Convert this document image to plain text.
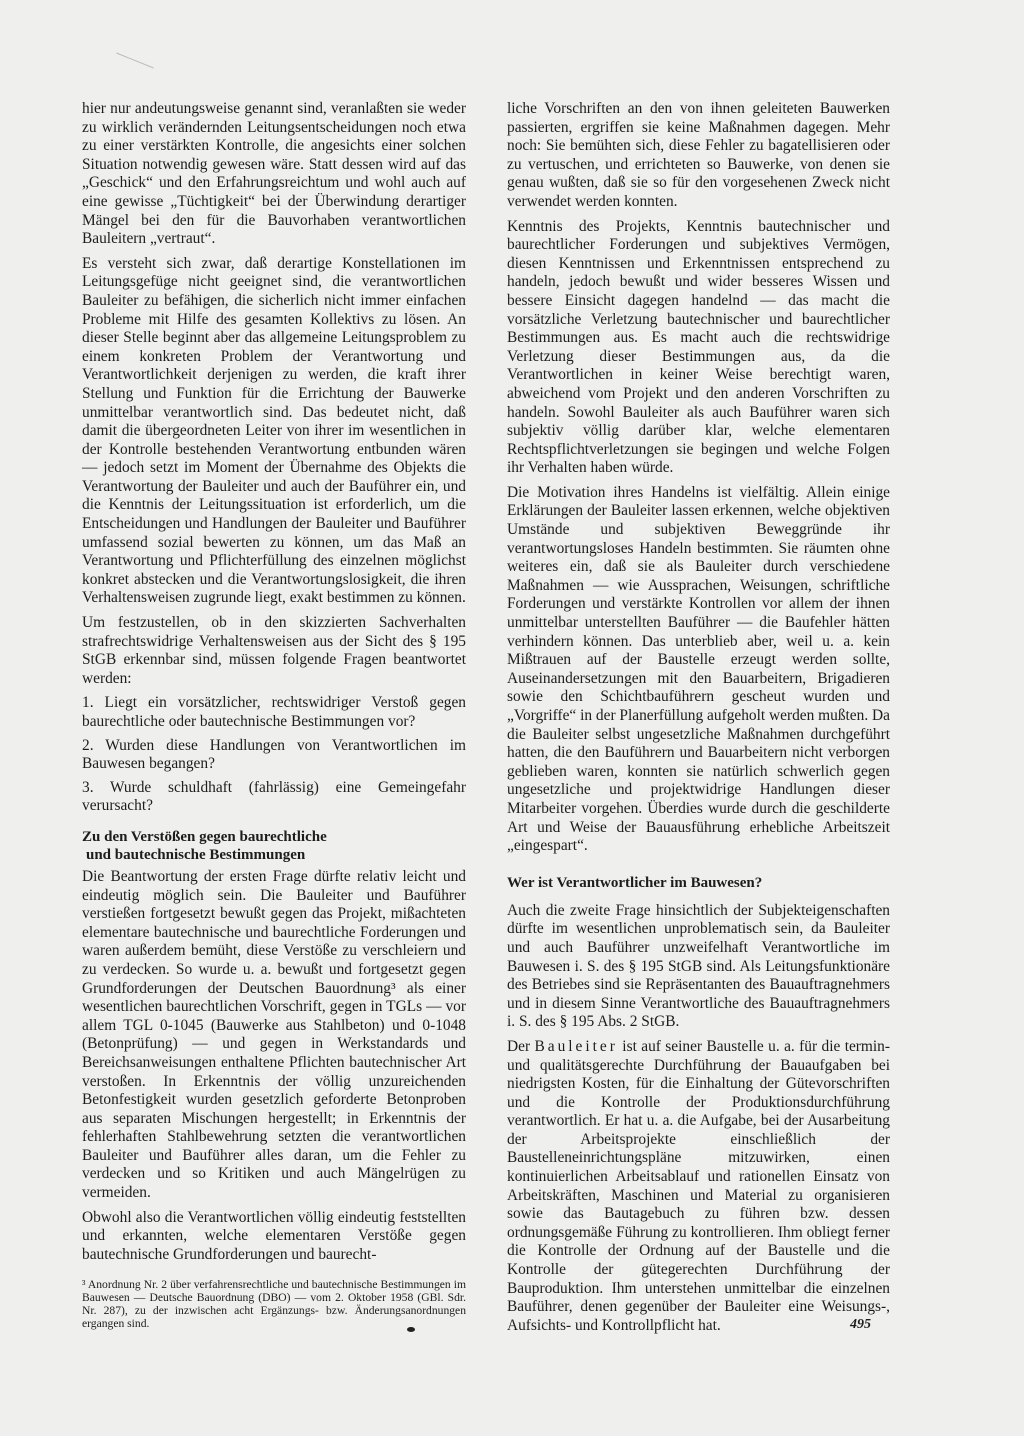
hier nur andeutungsweise genannt sind, veranlaßten sie weder zu wirklich verändernden Leitungsentscheidungen noch etwa zu einer verstärkten Kontrolle, die angesichts einer solchen Situation notwendig gewesen wäre. Statt dessen wird auf das „Geschick“ und den Erfahrungsreichtum und wohl auch auf eine gewisse „Tüchtigkeit“ bei der Überwindung derartiger Mängel bei den für die Bauvorhaben verantwortlichen Bauleitern „vertraut“.

Es versteht sich zwar, daß derartige Konstellationen im Leitungsgefüge nicht geeignet sind, die verantwortlichen Bauleiter zu befähigen, die sicherlich nicht immer einfachen Probleme mit Hilfe des gesamten Kollektivs zu lösen. An dieser Stelle beginnt aber das allgemeine Leitungsproblem zu einem konkreten Problem der Verantwortung und Verantwortlichkeit derjenigen zu werden, die kraft ihrer Stellung und Funktion für die Errichtung der Bauwerke unmittelbar verantwortlich sind. Das bedeutet nicht, daß damit die übergeordneten Leiter von ihrer im wesentlichen in der Kontrolle bestehenden Verantwortung entbunden wären — jedoch setzt im Moment der Übernahme des Objekts die Verantwortung der Bauleiter und auch der Bauführer ein, und die Kenntnis der Leitungssituation ist erforderlich, um die Entscheidungen und Handlungen der Bauleiter und Bauführer umfassend sozial bewerten zu können, um das Maß an Verantwortung und Pflichterfüllung des einzelnen möglichst konkret abstecken und die Verantwortungslosigkeit, die ihren Verhaltensweisen zugrunde liegt, exakt bestimmen zu können.

Um festzustellen, ob in den skizzierten Sachverhalten strafrechtswidrige Verhaltensweisen aus der Sicht des § 195 StGB erkennbar sind, müssen folgende Fragen beantwortet werden:

1. Liegt ein vorsätzlicher, rechtswidriger Verstoß gegen baurechtliche oder bautechnische Bestimmungen vor?

2. Wurden diese Handlungen von Verantwortlichen im Bauwesen begangen?

3. Wurde schuldhaft (fahrlässig) eine Gemeingefahr verursacht?

Zu den Verstößen gegen baurechtliche
und bautechnische Bestimmungen

Die Beantwortung der ersten Frage dürfte relativ leicht und eindeutig möglich sein. Die Bauleiter und Bauführer verstießen fortgesetzt bewußt gegen das Projekt, mißachteten elementare bautechnische und baurechtliche Forderungen und waren außerdem bemüht, diese Verstöße zu verschleiern und zu verdecken. So wurde u. a. bewußt und fortgesetzt gegen Grundforderungen der Deutschen Bauordnung³ als einer wesentlichen baurechtlichen Vorschrift, gegen in TGLs — vor allem TGL 0-1045 (Bauwerke aus Stahlbeton) und 0-1048 (Betonprüfung) — und gegen in Werkstandards und Bereichsanweisungen enthaltene Pflichten bautechnischer Art verstoßen. In Erkenntnis der völlig unzureichenden Betonfestigkeit wurden gesetzlich geforderte Betonproben aus separaten Mischungen hergestellt; in Erkenntnis der fehlerhaften Stahlbewehrung setzten die verantwortlichen Bauleiter und Bauführer alles daran, um die Fehler zu verdecken und so Kritiken und auch Mängelrügen zu vermeiden.

Obwohl also die Verantwortlichen völlig eindeutig feststellten und erkannten, welche elementaren Verstöße gegen bautechnische Grundforderungen und baurecht-

³ Anordnung Nr. 2 über verfahrensrechtliche und bautechnische Bestimmungen im Bauwesen — Deutsche Bauordnung (DBO) — vom 2. Oktober 1958 (GBl. Sdr. Nr. 287), zu der inzwischen acht Ergänzungs- bzw. Änderungsanordnungen ergangen sind.

liche Vorschriften an den von ihnen geleiteten Bauwerken passierten, ergriffen sie keine Maßnahmen dagegen. Mehr noch: Sie bemühten sich, diese Fehler zu bagatellisieren oder zu vertuschen, und errichteten so Bauwerke, von denen sie genau wußten, daß sie so für den vorgesehenen Zweck nicht verwendet werden konnten.

Kenntnis des Projekts, Kenntnis bautechnischer und baurechtlicher Forderungen und subjektives Vermögen, diesen Kenntnissen und Erkenntnissen entsprechend zu handeln, jedoch bewußt und wider besseres Wissen und bessere Einsicht dagegen handelnd — das macht die vorsätzliche Verletzung bautechnischer und baurechtlicher Bestimmungen aus. Es macht auch die rechtswidrige Verletzung dieser Bestimmungen aus, da die Verantwortlichen in keiner Weise berechtigt waren, abweichend vom Projekt und den anderen Vorschriften zu handeln. Sowohl Bauleiter als auch Bauführer waren sich subjektiv völlig darüber klar, welche elementaren Rechtspflichtverletzungen sie begingen und welche Folgen ihr Verhalten haben würde.

Die Motivation ihres Handelns ist vielfältig. Allein einige Erklärungen der Bauleiter lassen erkennen, welche objektiven Umstände und subjektiven Beweggründe ihr verantwortungsloses Handeln bestimmten. Sie räumten ohne weiteres ein, daß sie als Bauleiter durch verschiedene Maßnahmen — wie Aussprachen, Weisungen, schriftliche Forderungen und verstärkte Kontrollen vor allem der ihnen unmittelbar unterstellten Bauführer — die Baufehler hätten verhindern können. Das unterblieb aber, weil u. a. kein Mißtrauen auf der Baustelle erzeugt werden sollte, Auseinandersetzungen mit den Bauarbeitern, Brigadieren sowie den Schichtbauführern gescheut wurden und „Vorgriffe“ in der Planerfüllung aufgeholt werden mußten. Da die Bauleiter selbst ungesetzliche Maßnahmen durchgeführt hatten, die den Bauführern und Bauarbeitern nicht verborgen geblieben waren, konnten sie natürlich schwerlich gegen ungesetzliche und projektwidrige Handlungen dieser Mitarbeiter vorgehen. Überdies wurde durch die geschilderte Art und Weise der Bauausführung erhebliche Arbeitszeit „eingespart“.

Wer ist Verantwortlicher im Bauwesen?

Auch die zweite Frage hinsichtlich der Subjekteigenschaften dürfte im wesentlichen unproblematisch sein, da Bauleiter und auch Bauführer unzweifelhaft Verantwortliche im Bauwesen i. S. des § 195 StGB sind. Als Leitungsfunktionäre des Betriebes sind sie Repräsentanten des Bauauftragnehmers und in diesem Sinne Verantwortliche des Bauauftragnehmers i. S. des § 195 Abs. 2 StGB.

Der Bauleiter ist auf seiner Baustelle u. a. für die termin- und qualitätsgerechte Durchführung der Bauaufgaben bei niedrigsten Kosten, für die Einhaltung der Gütevorschriften und die Kontrolle der Produktionsdurchführung verantwortlich. Er hat u. a. die Aufgabe, bei der Ausarbeitung der Arbeitsprojekte einschließlich der Baustelleneinrichtungspläne mitzuwirken, einen kontinuierlichen Arbeitsablauf und rationellen Einsatz von Arbeitskräften, Maschinen und Material zu organisieren sowie das Bautagebuch zu führen bzw. dessen ordnungsgemäße Führung zu kontrollieren. Ihm obliegt ferner die Kontrolle der Ordnung auf der Baustelle und die Kontrolle der gütegerechten Durchführung der Bauproduktion. Ihm unterstehen unmittelbar die einzelnen Bauführer, denen gegenüber der Bauleiter eine Weisungs-, Aufsichts- und Kontrollpflicht hat.	495
